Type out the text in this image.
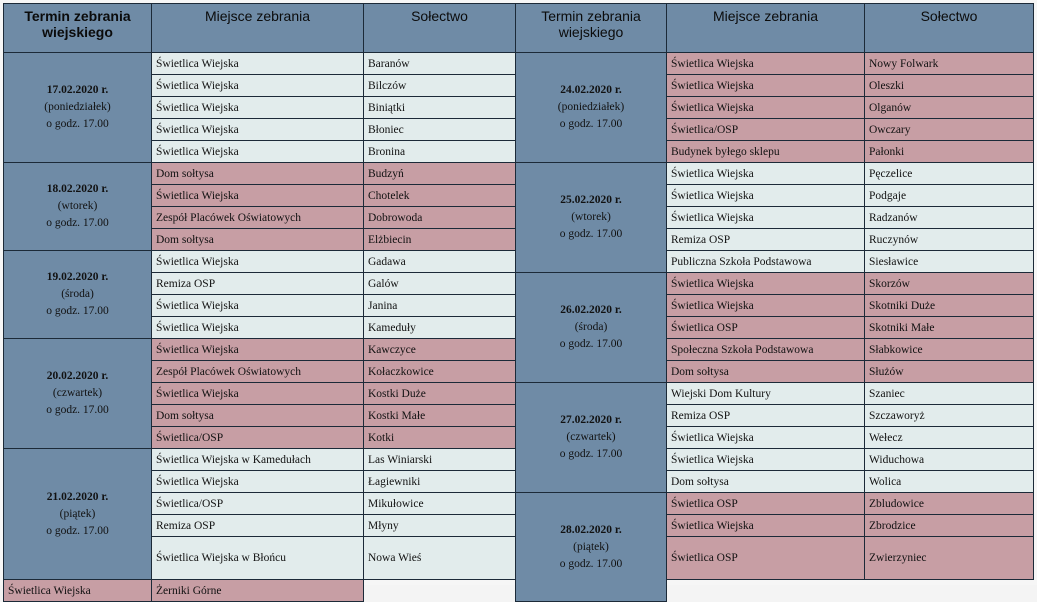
Termin zebrania
wiejskiego	Miejsce zebrania	Sołectwo	Termin zebrania
wiejskiego	Miejsce zebrania	Sołectwo

17.02.2020 r.
(poniedziałek)
o godz. 17.00	Świetlica Wiejska	Baranów	24.02.2020 r.
(poniedziałek)
o godz. 17.00	Świetlica Wiejska	Nowy Folwark
	Świetlica Wiejska	Bilczów		Świetlica Wiejska	Oleszki
	Świetlica Wiejska	Biniątki		Świetlica Wiejska	Olganów
	Świetlica Wiejska	Błoniec		Świetlica/OSP	Owczary
	Świetlica Wiejska	Bronina		Budynek byłego sklepu	Pałonki

18.02.2020 r.
(wtorek)
o godz. 17.00	Dom sołtysa	Budzyń	25.02.2020 r.
(wtorek)
o godz. 17.00	Świetlica Wiejska	Pęczelice
	Świetlica Wiejska	Chotelek		Świetlica Wiejska	Podgaje
	Zespół Placówek Oświatowych	Dobrowoda		Świetlica Wiejska	Radzanów
	Dom sołtysa	Elżbiecin		Remiza OSP	Ruczynów

19.02.2020 r.
(środa)
o godz. 17.00	Świetlica Wiejska	Gadawa		Publiczna Szkoła Podstawowa	Siesławice
	Remiza OSP	Galów	26.02.2020 r.
(środa)
o godz. 17.00	Świetlica Wiejska	Skorzów
	Świetlica Wiejska	Janina		Świetlica Wiejska	Skotniki Duże
	Świetlica Wiejska	Kameduły		Świetlica OSP	Skotniki Małe

20.02.2020 r.
(czwartek)
o godz. 17.00	Świetlica Wiejska	Kawczyce		Społeczna Szkoła Podstawowa	Słabkowice
	Zespół Placówek Oświatowych	Kołaczkowice		Dom sołtysa	Służów
	Świetlica Wiejska	Kostki Duże	27.02.2020 r.
(czwartek)
o godz. 17.00	Wiejski Dom Kultury	Szaniec
	Dom sołtysa	Kostki Małe		Remiza OSP	Szczaworyż
	Świetlica/OSP	Kotki		Świetlica Wiejska	Wełecz

21.02.2020 r.
(piątek)
o godz. 17.00	Świetlica Wiejska w Kamedułach	Las Winiarski		Świetlica Wiejska	Widuchowa
	Świetlica Wiejska	Łagiewniki		Dom sołtysa	Wolica
	Świetlica/OSP	Mikułowice	28.02.2020 r.
(piątek)
o godz. 17.00	Świetlica OSP	Zbludowice
	Remiza OSP	Młyny		Świetlica Wiejska	Zbrodzice
	Świetlica Wiejska w Błońcu	Nowa Wieś		Świetlica OSP	Zwierzyniec
Świetlica Wiejska	Żerniki Górne				
